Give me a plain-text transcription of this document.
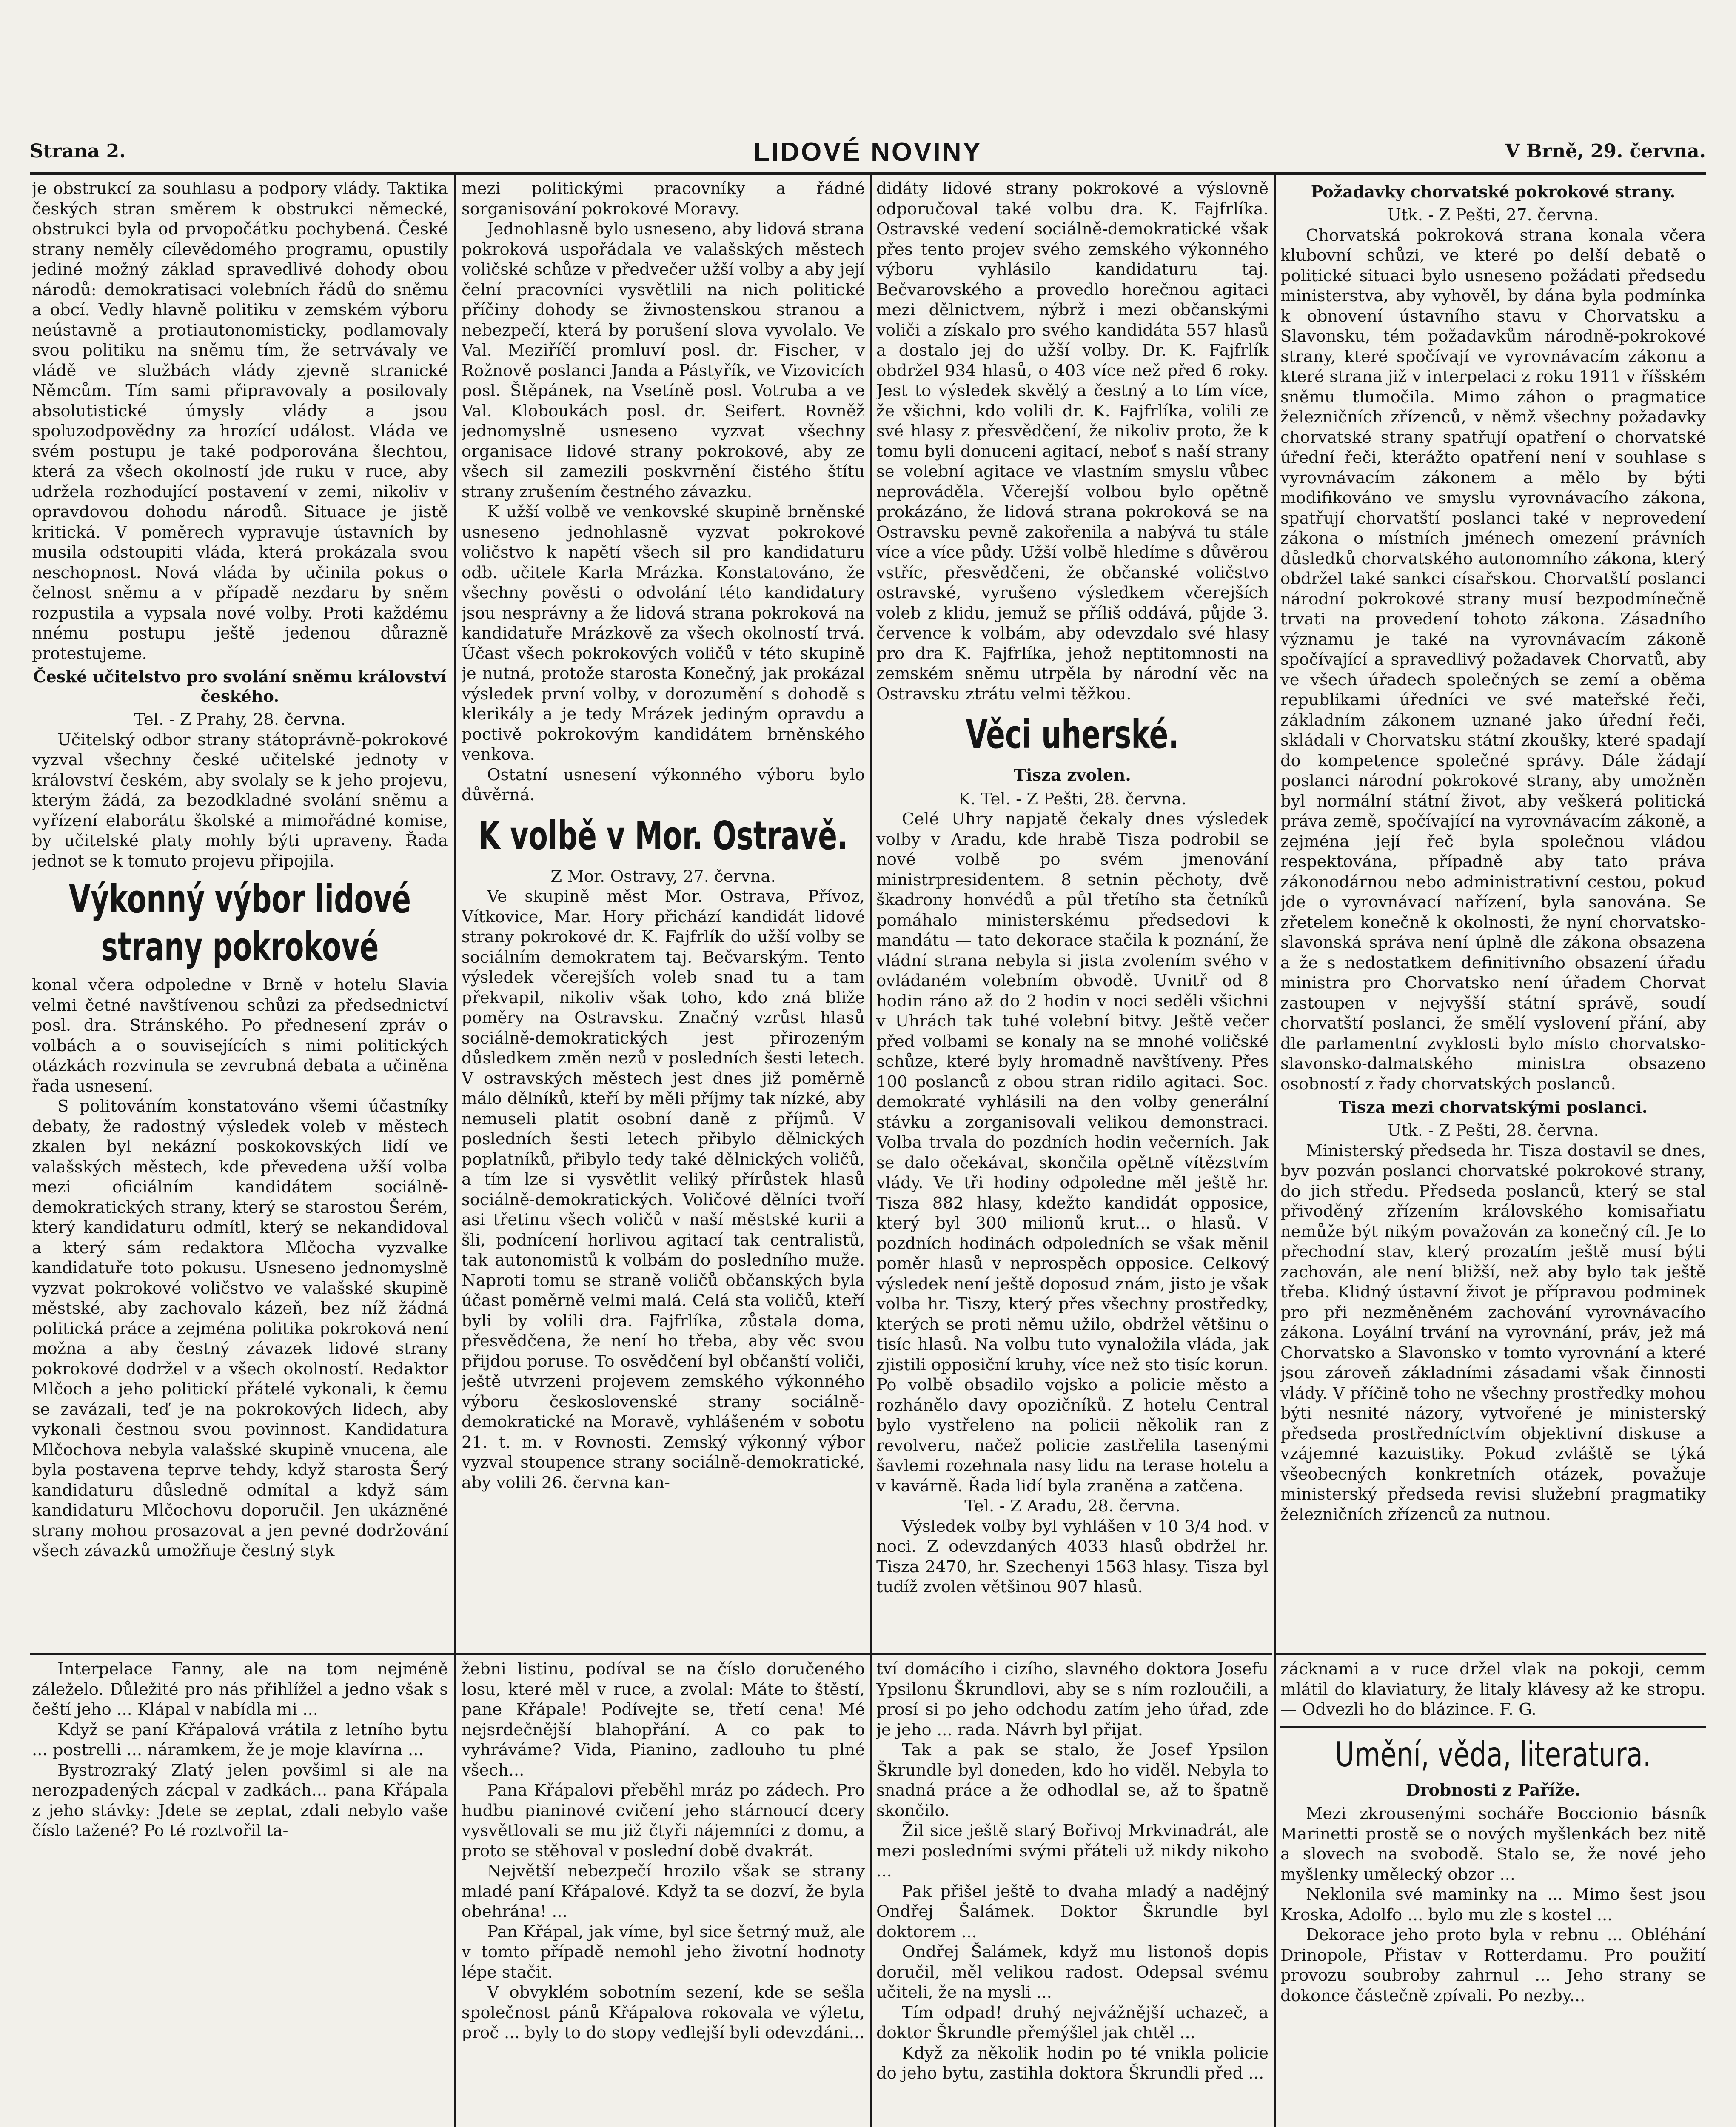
Strana 2.	LIDOVÉ NOVINY	V Brně, 29. června.

je obstrukcí za souhlasu a podpory vlády. Taktika českých stran směrem k obstrukci německé, obstrukci byla od prvopočátku pochybená. České strany neměly cílevědomého programu, opustily jediné možný základ spravedlivé dohody obou národů: demokratisaci volebních řádů do sněmu a obcí. Vedly hlavně politiku v zemském výboru neústavně a protiautonomisticky, podlamovaly svou politiku na sněmu tím, že setrvávaly ve vládě ve službách vlády zjevně stranické Němcům. Tím sami připravovaly a posilovaly absolutistické úmysly vlády a jsou spoluzodpovědny za hrozící událost. Vláda ve svém postupu je také podporována šlechtou, která za všech okolností jde ruku v ruce, aby udržela rozhodující postavení v zemi, nikoliv v opravdovou dohodu národů. Situace je jistě kritická. V poměrech vypravuje ústavních by musila odstoupiti vláda, která prokázala svou neschopnost. Nová vláda by učinila pokus o čelnost sněmu a v případě nezdaru by sněm rozpustila a vypsala nové volby. Proti každému nnému postupu ještě jedenou důrazně protestujeme.

České učitelstvo pro svolání sněmu království českého.

Tel. - Z Prahy, 28. června.

Učitelský odbor strany státoprávně-pokrokové vyzval všechny české učitelské jednoty v království českém, aby svolaly se k jeho projevu, kterým žádá, za bezodkladné svolání sněmu a vyřízení elaborátu školské a mimořádné komise, by učitelské platy mohly býti upraveny. Řada jednot se k tomuto projevu připojila.

Výkonný výbor lidové strany pokrokové

konal včera odpoledne v Brně v hotelu Slavia velmi četné navštívenou schůzi za předsednictví posl. dra. Stránského. Po přednesení zpráv o volbách a o souvisejících s nimi politických otázkách rozvinula se zevrubná debata a učiněna řada usnesení.

S politováním konstatováno všemi účastníky debaty, že radostný výsledek voleb v městech zkalen byl nekázní poskokovských lidí ve valašských městech, kde převedena užší volba mezi oficiálním kandidátem sociálně-demokratických strany, který se starostou Šerém, který kandidaturu odmítl, který se nekandidoval a který sám redaktora Mlčocha vyzvalke kandidatuře toto pokusu. Usneseno jednomyslně vyzvat pokrokové voličstvo ve valašské skupině městské, aby zachovalo kázeň, bez níž žádná politická práce a zejména politika pokroková není možna a aby čestný závazek lidové strany pokrokové dodržel v a všech okolností. Redaktor Mlčoch a jeho politickí přátelé vykonali, k čemu se zavázali, teď je na pokrokových lidech, aby vykonali čestnou svou povinnost. Kandidatura Mlčochova nebyla valašské skupině vnucena, ale byla postavena teprve tehdy, když starosta Šerý kandidaturu důsledně odmítal a když sám kandidaturu Mlčochovu doporučil. Jen ukázněné strany mohou prosazovat a jen pevné dodržování všech závazků umožňuje čestný styk

mezi politickými pracovníky a řádné sorganisování pokrokové Moravy.

Jednohlasně bylo usneseno, aby lidová strana pokroková uspořádala ve valašských městech voličské schůze v předvečer užší volby a aby její čelní pracovníci vysvětlili na nich politické příčiny dohody se živnostenskou stranou a nebezpečí, která by porušení slova vyvolalo. Ve Val. Meziříčí promluví posl. dr. Fischer, v Rožnově poslanci Janda a Pástyřík, ve Vizovicích posl. Štěpánek, na Vsetíně posl. Votruba a ve Val. Kloboukách posl. dr. Seifert. Rovněž jednomyslně usneseno vyzvat všechny organisace lidové strany pokrokové, aby ze všech sil zamezili poskvrnění čistého štítu strany zrušením čestného závazku.

K užší volbě ve venkovské skupině brněnské usneseno jednohlasně vyzvat pokrokové voličstvo k napětí všech sil pro kandidaturu odb. učitele Karla Mrázka. Konstatováno, že všechny pověsti o odvolání této kandidatury jsou nesprávny a že lidová strana pokroková na kandidatuře Mrázkově za všech okolností trvá. Účast všech pokrokových voličů v této skupině je nutná, protože starosta Konečný, jak prokázal výsledek první volby, v dorozumění s dohodě s klerikály a je tedy Mrázek jediným opravdu a poctivě pokrokovým kandidátem brněnského venkova.

Ostatní usnesení výkonného výboru bylo důvěrná.

K volbě v Mor. Ostravě.

Z Mor. Ostravy, 27. června.

Ve skupině měst Mor. Ostrava, Přívoz, Vítkovice, Mar. Hory přichází kandidát lidové strany pokrokové dr. K. Fajfrlík do užší volby se sociálním demokratem taj. Bečvarským. Tento výsledek včerejších voleb snad tu a tam překvapil, nikoliv však toho, kdo zná bliže poměry na Ostravsku. Značný vzrůst hlasů sociálně-demokratických jest přirozeným důsledkem změn nezů v posledních šesti letech. V ostravských městech jest dnes již poměrně málo dělníků, kteří by měli příjmy tak nízké, aby nemuseli platit osobní daně z příjmů. V posledních šesti letech přibylo dělnických poplatníků, přibylo tedy také dělnických voličů, a tím lze si vysvětlit veliký přírůstek hlasů sociálně-demokratických. Voličové dělníci tvoří asi třetinu všech voličů v naší městské kurii a šli, podnícení horlivou agitací tak centralistů, tak autonomistů k volbám do posledního muže. Naproti tomu se straně voličů občanských byla účast poměrně velmi malá. Celá sta voličů, kteří byli by volili dra. Fajfrlíka, zůstala doma, přesvědčena, že není ho třeba, aby věc svou přijdou poruse. To osvědčení byl občanští voliči, ještě utvrzeni projevem zemského výkonného výboru československé strany sociálně-demokratické na Moravě, vyhlášeném v sobotu 21. t. m. v Rovnosti. Zemský výkonný výbor vyzval stoupence strany sociálně-demokratické, aby volili 26. června kan-

didáty lidové strany pokrokové a výslovně odporučoval také volbu dra. K. Fajfrlíka. Ostravské vedení sociálně-demokratické však přes tento projev svého zemského výkonného výboru vyhlásilo kandidaturu taj. Bečvarovského a provedlo horečnou agitaci mezi dělnictvem, nýbrž i mezi občanskými voliči a získalo pro svého kandidáta 557 hlasů a dostalo jej do užší volby. Dr. K. Fajfrlík obdržel 934 hlasů, o 403 více než před 6 roky. Jest to výsledek skvělý a čestný a to tím více, že všichni, kdo volili dr. K. Fajfrlíka, volili ze své hlasy z přesvědčení, že nikoliv proto, že k tomu byli donuceni agitací, neboť s naší strany se volební agitace ve vlastním smyslu vůbec neprováděla. Včerejší volbou bylo opětně prokázáno, že lidová strana pokroková se na Ostravsku pevně zakořenila a nabývá tu stále více a více půdy. Užší volbě hledíme s důvěrou vstříc, přesvědčeni, že občanské voličstvo ostravské, vyrušeno výsledkem včerejších voleb z klidu, jemuž se příliš oddává, půjde 3. července k volbám, aby odevzdalo své hlasy pro dra K. Fajfrlíka, jehož neptitomnosti na zemském sněmu utrpěla by národní věc na Ostravsku ztrátu velmi těžkou.

Věci uherské.

Tisza zvolen.

K. Tel. - Z Pešti, 28. června.

Celé Uhry napjatě čekaly dnes výsledek volby v Aradu, kde hrabě Tisza podrobil se nové volbě po svém jmenování ministrpresidentem. 8 setnin pěchoty, dvě škadrony honvédů a půl třetího sta četníků pomáhalo ministerskému předsedovi k mandátu — tato dekorace stačila k poznání, že vládní strana nebyla si jista zvolením svého v ovládaném volebním obvodě. Uvnitř od 8 hodin ráno až do 2 hodin v noci seděli všichni v Uhrách tak tuhé volební bitvy. Ještě večer před volbami se konaly na se mnohé voličské schůze, které byly hromadně navštíveny. Přes 100 poslanců z obou stran ridilo agitaci. Soc. demokraté vyhlásili na den volby generální stávku a zorganisovali velikou demonstraci. Volba trvala do pozdních hodin večerních. Jak se dalo očekávat, skončila opětně vítězstvím vlády. Ve tři hodiny odpoledne měl ještě hr. Tisza 882 hlasy, kdežto kandidát opposice, který byl 300 milionů krut... o hlasů. V pozdních hodinách odpoledních se však měnil poměr hlasů v neprospěch opposice. Celkový výsledek není ještě doposud znám, jisto je však volba hr. Tiszy, který přes všechny prostředky, kterých se proti němu užilo, obdržel většinu o tisíc hlasů. Na volbu tuto vynaložila vláda, jak zjistili opposiční kruhy, více než sto tisíc korun. Po volbě obsadilo vojsko a policie město a rozhánělo davy opozičníků. Z hotelu Central bylo vystřeleno na policii několik ran z revolveru, načež policie zastřelila tasenými šavlemi rozehnala nasy lidu na terase hotelu a v kavárně. Řada lidí byla zraněna a zatčena.

Tel. - Z Aradu, 28. června.

Výsledek volby byl vyhlášen v 10 3/4 hod. v noci. Z odevzdaných 4033 hlasů obdržel hr. Tisza 2470, hr. Szechenyi 1563 hlasy. Tisza byl tudíž zvolen většinou 907 hlasů.

Požadavky chorvatské pokrokové strany.

Utk. - Z Pešti, 27. června.

Chorvatská pokroková strana konala včera klubovní schůzi, ve které po delší debatě o politické situaci bylo usneseno požádati předsedu ministerstva, aby vyhověl, by dána byla podmínka k obnovení ústavního stavu v Chorvatsku a Slavonsku, tém požadavkům národně-pokrokové strany, které spočívají ve vyrovnávacím zákonu a které strana již v interpelaci z roku 1911 v říšském sněmu tlumočila. Mimo záhon o pragmatice železničních zřízenců, v němž všechny požadavky chorvatské strany spatřují opatření o chorvatské úřední řeči, kterážto opatření není v souhlase s vyrovnávacím zákonem a mělo by býti modifikováno ve smyslu vyrovnávacího zákona, spatřují chorvatští poslanci také v neprovedení zákona o místních jménech omezení právních důsledků chorvatského autonomního zákona, který obdržel také sankci císařskou. Chorvatští poslanci národní pokrokové strany musí bezpodmínečně trvati na provedení tohoto zákona. Zásadního významu je také na vyrovnávacím zákoně spočívající a spravedlivý požadavek Chorvatů, aby ve všech úřadech společných se zemí a oběma republikami úředníci ve své mateřské řeči, základním zákonem uznané jako úřední řeči, skládali v Chorvatsku státní zkoušky, které spadají do kompetence společné správy. Dále žádají poslanci národní pokrokové strany, aby umožněn byl normální státní život, aby veškerá politická práva země, spočívající na vyrovnávacím zákoně, a zejména její řeč byla společnou vládou respektována, případně aby tato práva zákonodárnou nebo administrativní cestou, pokud jde o vyrovnávací nařízení, byla sanována. Se zřetelem konečně k okolnosti, že nyní chorvatsko-slavonská správa není úplně dle zákona obsazena a že s nedostatkem definitivního obsazení úřadu ministra pro Chorvatsko není úřadem Chorvat zastoupen v nejvyšší státní správě, soudí chorvatští poslanci, že smělí vyslovení přání, aby dle parlamentní zvyklosti bylo místo chorvatsko-slavonsko-dalmatského ministra obsazeno osobností z řady chorvatských poslanců.

Tisza mezi chorvatskými poslanci.

Utk. - Z Pešti, 28. června.

Ministerský předseda hr. Tisza dostavil se dnes, byv pozván poslanci chorvatské pokrokové strany, do jich středu. Předseda poslanců, který se stal přivoděný zřízením královského komisařiatu nemůže být nikým považován za konečný cíl. Je to přechodní stav, který prozatím ještě musí býti zachován, ale není bližší, než aby bylo tak ještě třeba. Klidný ústavní život je přípravou podminek pro při nezměněném zachování vyrovnávacího zákona. Loyální trvání na vyrovnání, práv, jež má Chorvatsko a Slavonsko v tomto vyrovnání a které jsou zároveň základními zásadami však činnosti vlády. V příčině toho ne všechny prostředky mohou býti nesnité názory, vytvořené je ministerský předseda prostředníctvím objektivní diskuse a vzájemné kazuistiky. Pokud zvláště se týká všeobecných konkretních otázek, považuje ministerský předseda revisi služební pragmatiky železničních zřízenců za nutnou.

Interpelace Fanny, ale na tom nejméně záleželo. Důležité pro nás přihlížel a jedno však s čeští jeho ... Klápal v nabídla mi ...

Když se paní Křápalová vrátila z letního bytu ... postrelli ... náramkem, že je moje klavírna ...

Bystrozraký Zlatý jelen povšiml si ale na nerozpadených zácpal v zadkách... pana Křápala z jeho stávky: Jdete se zeptat, zdali nebylo vaše číslo tažené? Po té roztvořil ta-

žebni listinu, podíval se na číslo doručeného losu, které měl v ruce, a zvolal: Máte to štěstí, pane Křápale! Podívejte se, třetí cena! Mé nejsrdečnější blahopřání. A co pak to vyhráváme? Vida, Pianino, zadlouho tu plné všech...

Pana Křápalovi přeběhl mráz po zádech. Pro hudbu pianinové cvičení jeho stárnoucí dcery vysvětlovali se mu již čtyři nájemníci z domu, a proto se stěhoval v poslední době dvakrát.

Největší nebezpečí hrozilo však se strany mladé paní Křápalové. Když ta se dozví, že byla obehrána! ...

Pan Křápal, jak víme, byl sice šetrný muž, ale v tomto případě nemohl jeho životní hodnoty lépe stačit.

V obvyklém sobotním sezení, kde se sešla společnost pánů Křápalova rokovala ve výletu, proč ... byly to do stopy vedlejší byli odevzdáni...

tví domácího i cizího, slavného doktora Josefu Ypsilonu Škrundlovi, aby se s ním rozloučili, a prosí si po jeho odchodu zatím jeho úřad, zde je jeho ... rada. Návrh byl přijat.

Tak a pak se stalo, že Josef Ypsilon Škrundle byl doneden, kdo ho viděl. Nebyla to snadná práce a že odhodlal se, až to špatně skončilo.

Žil sice ještě starý Bořivoj Mrkvinadrát, ale mezi posledními svými přáteli už nikdy nikoho ...

Pak přišel ještě to dvaha mladý a nadějný Ondřej Šalámek. Doktor Škrundle byl doktorem ...

Ondřej Šalámek, když mu listonoš dopis doručil, měl velikou radost. Odepsal svému učiteli, že na mysli ...

Tím odpad! druhý nejvážnější uchazeč, a doktor Škrundle přemýšlel jak chtěl ...

Když za několik hodin po té vnikla policie do jeho bytu, zastihla doktora Škrundli před ...

zácknami a v ruce držel vlak na pokoji, cemm mlátil do klaviatury, že litaly klávesy až ke stropu. — Odvezli ho do blázince. F. G.

Umění, věda, literatura.

Drobnosti z Paříže.

Mezi zkrousenými socháře Boccionio básník Marinetti prostě se o nových myšlenkách bez nitě a slovech na svobodě. Stalo se, že nové jeho myšlenky umělecký obzor ...

Neklonila své maminky na ... Mimo šest jsou Kroska, Adolfo ... bylo mu zle s kostel ...

Dekorace jeho proto byla v rebnu ... Obléhání Drinopole, Přistav v Rotterdamu. Pro použití provozu soubroby zahrnul ... Jeho strany se dokonce částečně zpívali. Po nezby...
